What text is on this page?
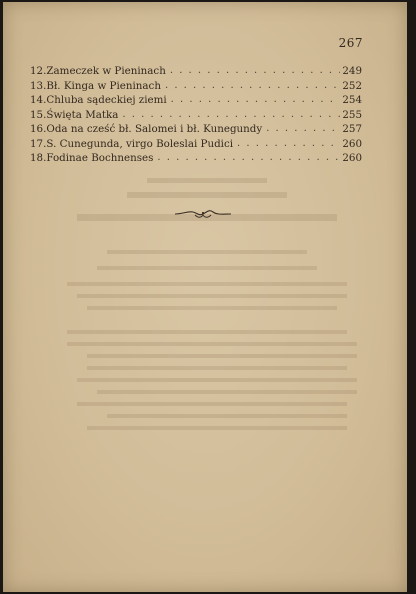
267
12. Zameczek w Pieninach . . .	249
13. Bł. Kinga w Pieninach . . .	252
14. Chluba sądeckiej ziemi . . .	254
15. Święta Matka . . .	255
16. Oda na cześć bł. Salomei i bł. Kunegundy . . .	257
17. S. Cunegunda, virgo Boleslai Pudici . . .	260
18. Fodinae Bochnenses . . .	260
